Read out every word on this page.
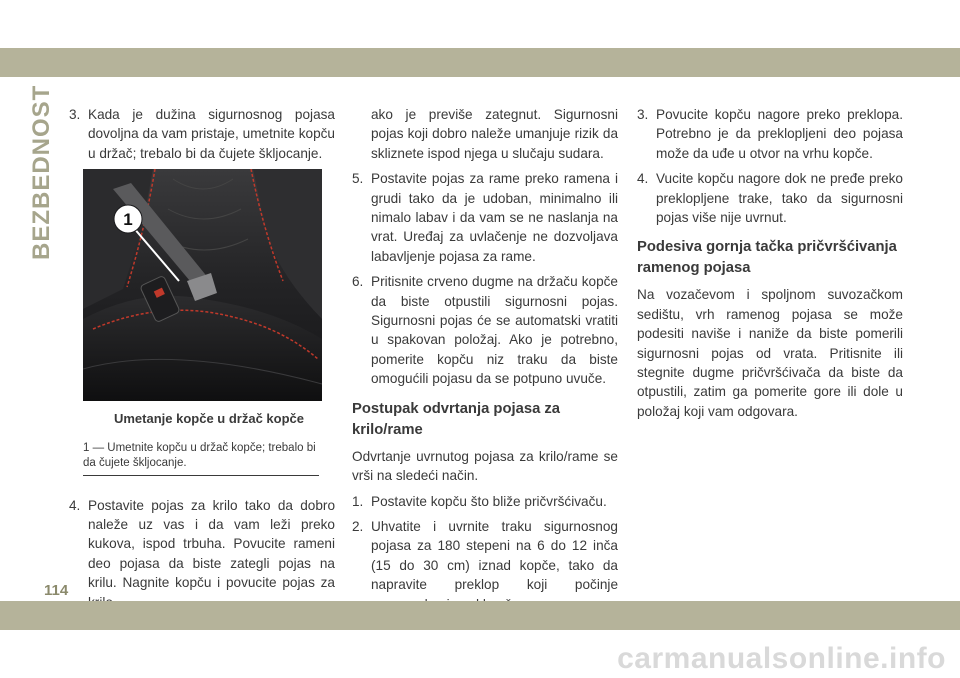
BEZBEDNOST	3. Kada je dužina sigurnosnog pojasa dovoljna da vam pristaje, umetnite kopču u držač; trebalo bi da čujete škljocanje.
1
Umetanje kopče u držač kopče
1 — Umetnite kopču u držač kopče; trebalo bi da čujete škljocanje.
4. Postavite pojas za krilo tako da dobro naleže uz vas i da vam leži preko kukova, ispod trbuha. Povucite rameni deo pojasa da biste zategli pojas na krilu. Nagnite kopču i povucite pojas za
ako je previše zategnut. Sigurnosni pojas koji dobro naleže umanjuje rizik da skliznete ispod njega u slučaju sudara.
5. Postavite pojas za rame preko ramena i grudi tako da je udoban, minimalno ili nimalo labav i da vam se ne naslanja na vrat. Uređaj za uvlačenje ne dozvoljava labavljenje pojasa za rame.
6. Pritisnite crveno dugme na držaču kopče da biste otpustili sigurnosni pojas. Sigurnosni pojas će se automatski vratiti u spakovan položaj. Ako je potrebno, pomerite kopču niz traku da biste omogućili pojasu da se potpuno uvuče.
Postupak odvrtanja pojasa za krilo/rame
Odvrtanje uvrnutog pojasa za krilo/rame se vrši na sledeći način.
1. Postavite kopču što bliže pričvršćivaču.
2. Uhvatite i uvrnite traku sigurnosnog pojasa za 180 stepeni na 6 do 12 inča (15 do 30 cm) iznad kopče, tako da napravite preklop koji počinje
3. Povucite kopču nagore preko preklopa. Potrebno je da preklopljeni deo pojasa može da uđe u otvor na vrhu kopče.
4. Vucite kopču nagore dok ne pređe preko preklopljene trake, tako da sigurnosni pojas više nije uvrnut.
Podesiva gornja tačka pričvršćivanja ramenog pojasa
Na vozačevom i spoljnom suvozačkom sedištu, vrh ramenog pojasa se može podesiti naviše i naniže da biste pomerili sigurnosni pojas od vrata. Pritisnite ili stegnite dugme pričvršćivača da biste da otpustili, zatim ga pomerite gore ili dole u položaj koji vam odgovara.
114
carmanualsonline.info
